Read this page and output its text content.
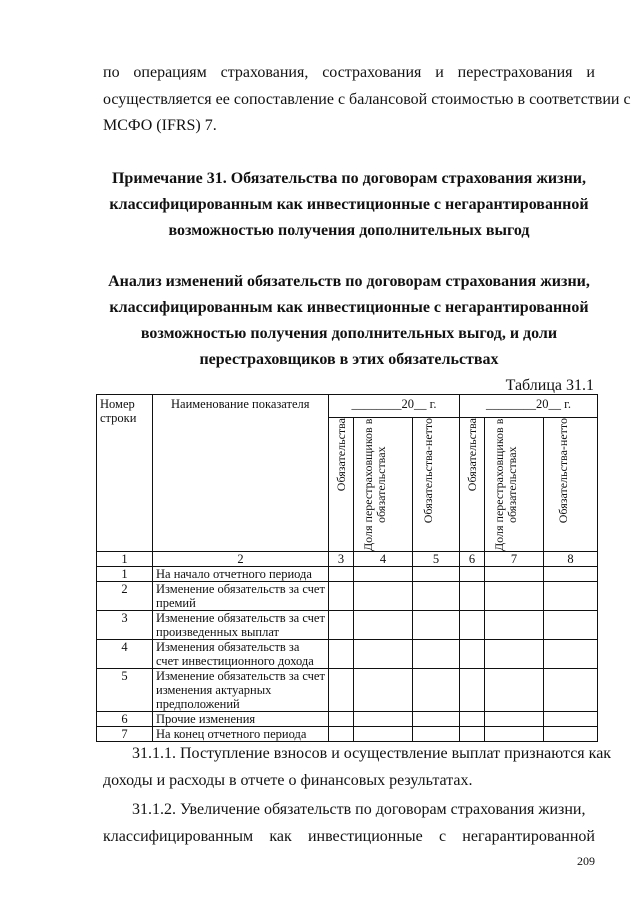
по операциям страхования, сострахования и перестрахования и
осуществляется ее сопоставление с балансовой стоимостью в соответствии с
МСФО (IFRS) 7.
Примечание 31. Обязательства по договорам страхования жизни,
классифицированным как инвестиционные с негарантированной
возможностью получения дополнительных выгод
Анализ изменений обязательств по договорам страхования жизни,
классифицированным как инвестиционные с негарантированной
возможностью получения дополнительных выгод, и доли
перестраховщиков в этих обязательствах
Таблица 31.1
Номер строки	Наименование показателя	________20__ г.			________20__ г.		

		Обязательства	Доля перестраховщиков в обязательствах	Обязательства-нетто	Обязательства	Доля перестраховщиков в обязательствах	Обязательства-нетто

1	2	3	4	5	6	7	8
1	На начало отчетного периода						
2	Изменение обязательств за счет премий						
3	Изменение обязательств за счет произведенных выплат						
4	Изменения обязательств за счет инвестиционного дохода						
5	Изменение обязательств за счет изменения актуарных предположений						
6	Прочие изменения						
7	На конец отчетного периода						
31.1.1. Поступление взносов и осуществление выплат признаются как
доходы и расходы в отчете о финансовых результатах.
31.1.2. Увеличение обязательств по договорам страхования жизни,
классифицированным как инвестиционные с негарантированной
209
